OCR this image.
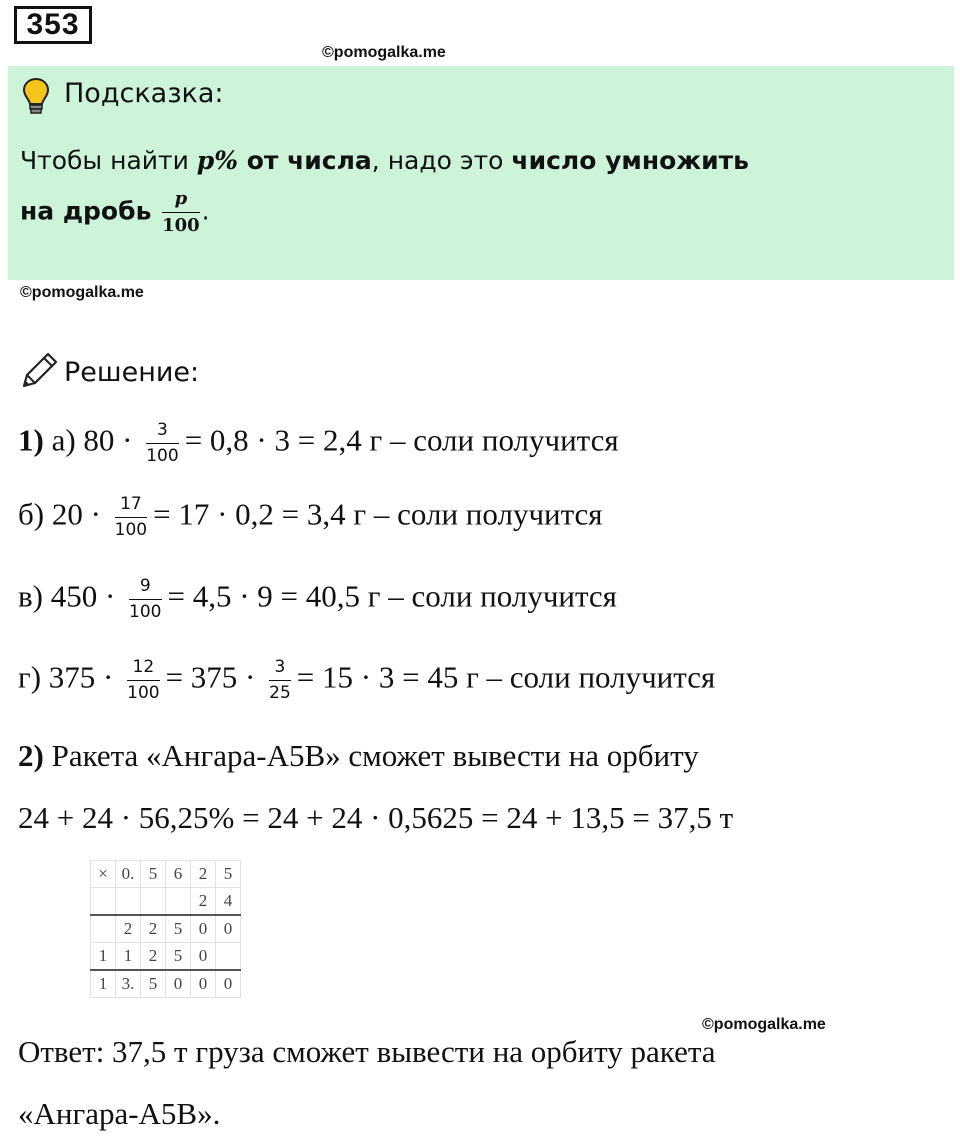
353
©pomogalka.me
Подсказка:
Чтобы найти p% от числа, надо это число умножить
на дробь $\frac{p}{100}$ .
©pomogalka.me
Решение:
1) а) $80 \cdot \frac{3}{100} = 0,8 \cdot 3 = 2,4$ г – соли получится
б) $20 \cdot \frac{17}{100} = 17 \cdot 0,2 = 3,4$ г – соли получится
в) $450 \cdot \frac{9}{100} = 4,5 \cdot 9 = 40,5$ г – соли получится
г) $375 \cdot \frac{12}{100} = 375 \cdot \frac{3}{25} = 15 \cdot 3 = 45$ г – соли получится
2) Ракета «Ангара-А5В» сможет вывести на орбиту
24 + 24 · 56,25% = 24 + 24 · 0,5625 = 24 + 13,5 = 37,5 т
×	0.	5	6	2	5
				2	4
	2	2	5	0	0
1	1	2	5	0	
1	3.	5	0	0	0
©pomogalka.me
Ответ: 37,5 т груза сможет вывести на орбиту ракета
«Ангара-А5В».
